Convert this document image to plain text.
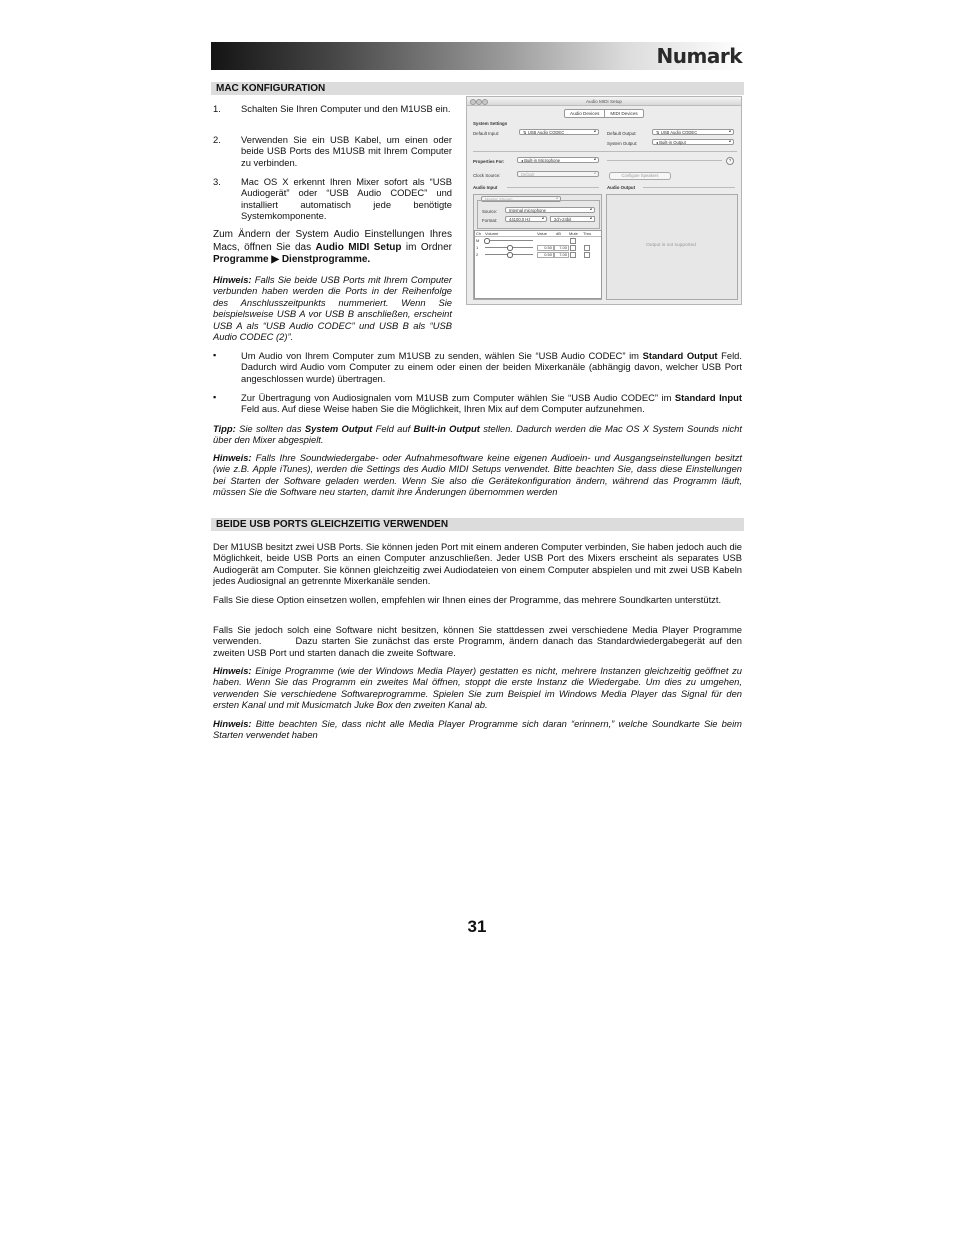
Numark
MAC KONFIGURATION
1. Schalten Sie Ihren Computer und den M1USB ein.

2. Verwenden Sie ein USB Kabel, um einen oder beide USB Ports des M1USB mit Ihrem Computer zu verbinden.

3. Mac OS X erkennt Ihren Mixer sofort als “USB Audiogerät” oder “USB Audio CODEC” und installiert automatisch jede benötigte Systemkomponente.

Zum Ändern der System Audio Einstellungen Ihres Macs, öffnen Sie das Audio MIDI Setup im Ordner Programme ▶ Dienstprogramme.

Hinweis: Falls Sie beide USB Ports mit Ihrem Computer verbunden haben werden die Ports in der Reihenfolge des Anschlusszeitpunkts nummeriert. Wenn Sie beispielsweise USB A vor USB B anschließen, erscheint USB A als “USB Audio CODEC” und USB B als “USB Audio CODEC (2)”.

Audio MIDI Setup
Audio Devices	MIDI Devices
System Settings
Default Input:	⇅ USB Audio CODEC ▴▾	Default Output:	⇅ USB Audio CODEC ▴▾
System Output:	◂ Built-in Output ▴▾
Properties For:	◂ Built-in Microphone ▴▾	?
Clock Source:	Default ▴▾	Configure Speakers
Audio Input	Audio Output
Master Stream ▴▾
Source:	Internal microphone ▴▾
Format:	44100.0 Hz ▴▾	2ch-24bit ▴▾
Ch Volume	Value dB Mute Thru
M
1	0.50	7.00
2	0.50	7.00
Output is not supported
▪	Um Audio von Ihrem Computer zum M1USB zu senden, wählen Sie “USB Audio CODEC” im Standard Output Feld. Dadurch wird Audio vom Computer zu einem oder einen der beiden Mixerkanäle (abhängig davon, welcher USB Port angeschlossen wurde) übertragen.

▪	Zur Übertragung von Audiosignalen vom M1USB zum Computer wählen Sie “USB Audio CODEC” im Standard Input Feld aus. Auf diese Weise haben Sie die Möglichkeit, Ihren Mix auf dem Computer aufzunehmen.

Tipp: Sie sollten das System Output Feld auf Built-in Output stellen. Dadurch werden die Mac OS X System Sounds nicht über den Mixer abgespielt.

Hinweis: Falls Ihre Soundwiedergabe- oder Aufnahmesoftware keine eigenen Audioein- und Ausgangseinstellungen besitzt (wie z.B. Apple iTunes), werden die Settings des Audio MIDI Setups verwendet. Bitte beachten Sie, dass diese Einstellungen bei Starten der Software geladen werden. Wenn Sie also die Gerätekonfiguration ändern, während das Programm läuft, müssen Sie die Software neu starten, damit ihre Änderungen übernommen werden

BEIDE USB PORTS GLEICHZEITIG VERWENDEN

Der M1USB besitzt zwei USB Ports. Sie können jeden Port mit einem anderen Computer verbinden, Sie haben jedoch auch die Möglichkeit, beide USB Ports an einen Computer anzuschließen. Jeder USB Port des Mixers erscheint als separates USB Audiogerät am Computer. Sie können gleichzeitig zwei Audiodateien von einem Computer abspielen und mit zwei USB Kabeln jedes Audiosignal an getrennte Mixerkanäle senden.

Falls Sie diese Option einsetzen wollen, empfehlen wir Ihnen eines der Programme, das mehrere Soundkarten unterstützt.

Falls Sie jedoch solch eine Software nicht besitzen, können Sie stattdessen zwei verschiedene Media Player Programme verwenden.        Dazu starten Sie zunächst das erste Programm, ändern danach das Standardwiedergabegerät auf den zweiten USB Port und starten danach die zweite Software.

Hinweis: Einige Programme (wie der Windows Media Player) gestatten es nicht, mehrere Instanzen gleichzeitig geöffnet zu haben. Wenn Sie das Programm ein zweites Mal öffnen, stoppt die erste Instanz die Wiedergabe. Um dies zu umgehen, verwenden Sie verschiedene Softwareprogramme. Spielen Sie zum Beispiel im Windows Media Player das Signal für den ersten Kanal und mit Musicmatch Juke Box den zweiten Kanal ab.

Hinweis: Bitte beachten Sie, dass nicht alle Media Player Programme sich daran “erinnern,” welche Soundkarte Sie beim Starten verwendet haben

31
